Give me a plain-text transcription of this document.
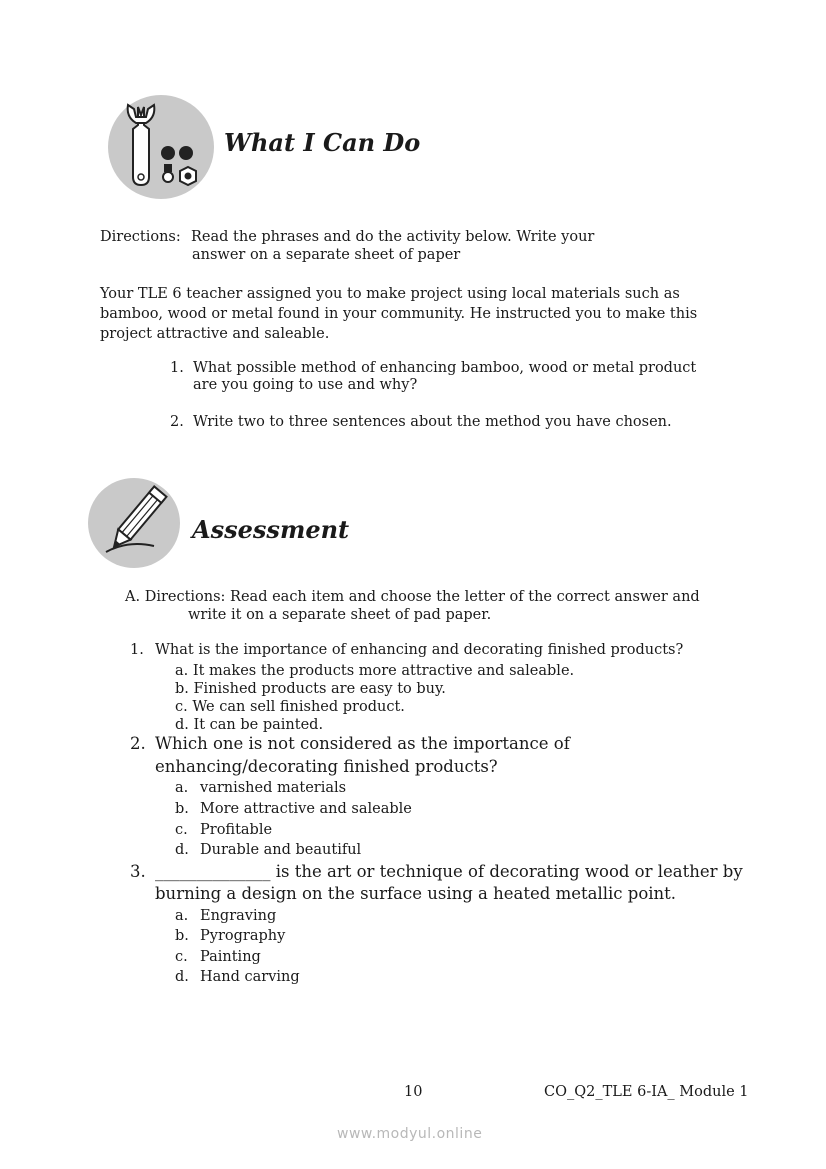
What I Can Do
Directions: Read the phrases and do the activity below. Write your
answer on a separate sheet of paper
Your TLE 6 teacher assigned you to make project using local materials such as
bamboo, wood or metal found in your community. He instructed you to make this
project attractive and saleable.
1. What possible method of enhancing bamboo, wood or metal product
are you going to use and why?
2. Write two to three sentences about the method you have chosen.
Assessment
A. Directions: Read each item and choose the letter of the correct answer and
write it on a separate sheet of pad paper.
1. What is the importance of enhancing and decorating finished products?
a. It makes the products more attractive and saleable.
b. Finished products are easy to buy.
c. We can sell finished product.
d. It can be painted.
2. Which one is not considered as the importance of
enhancing/decorating finished products?
a. varnished materials
b. More attractive and saleable
c. Profitable
d. Durable and beautiful
3. ______________ is the art or technique of decorating wood or leather by
burning a design on the surface using a heated metallic point.
a. Engraving
b. Pyrography
c. Painting
d. Hand carving
10	CO_Q2_TLE 6-IA_ Module 1
www.modyul.online
